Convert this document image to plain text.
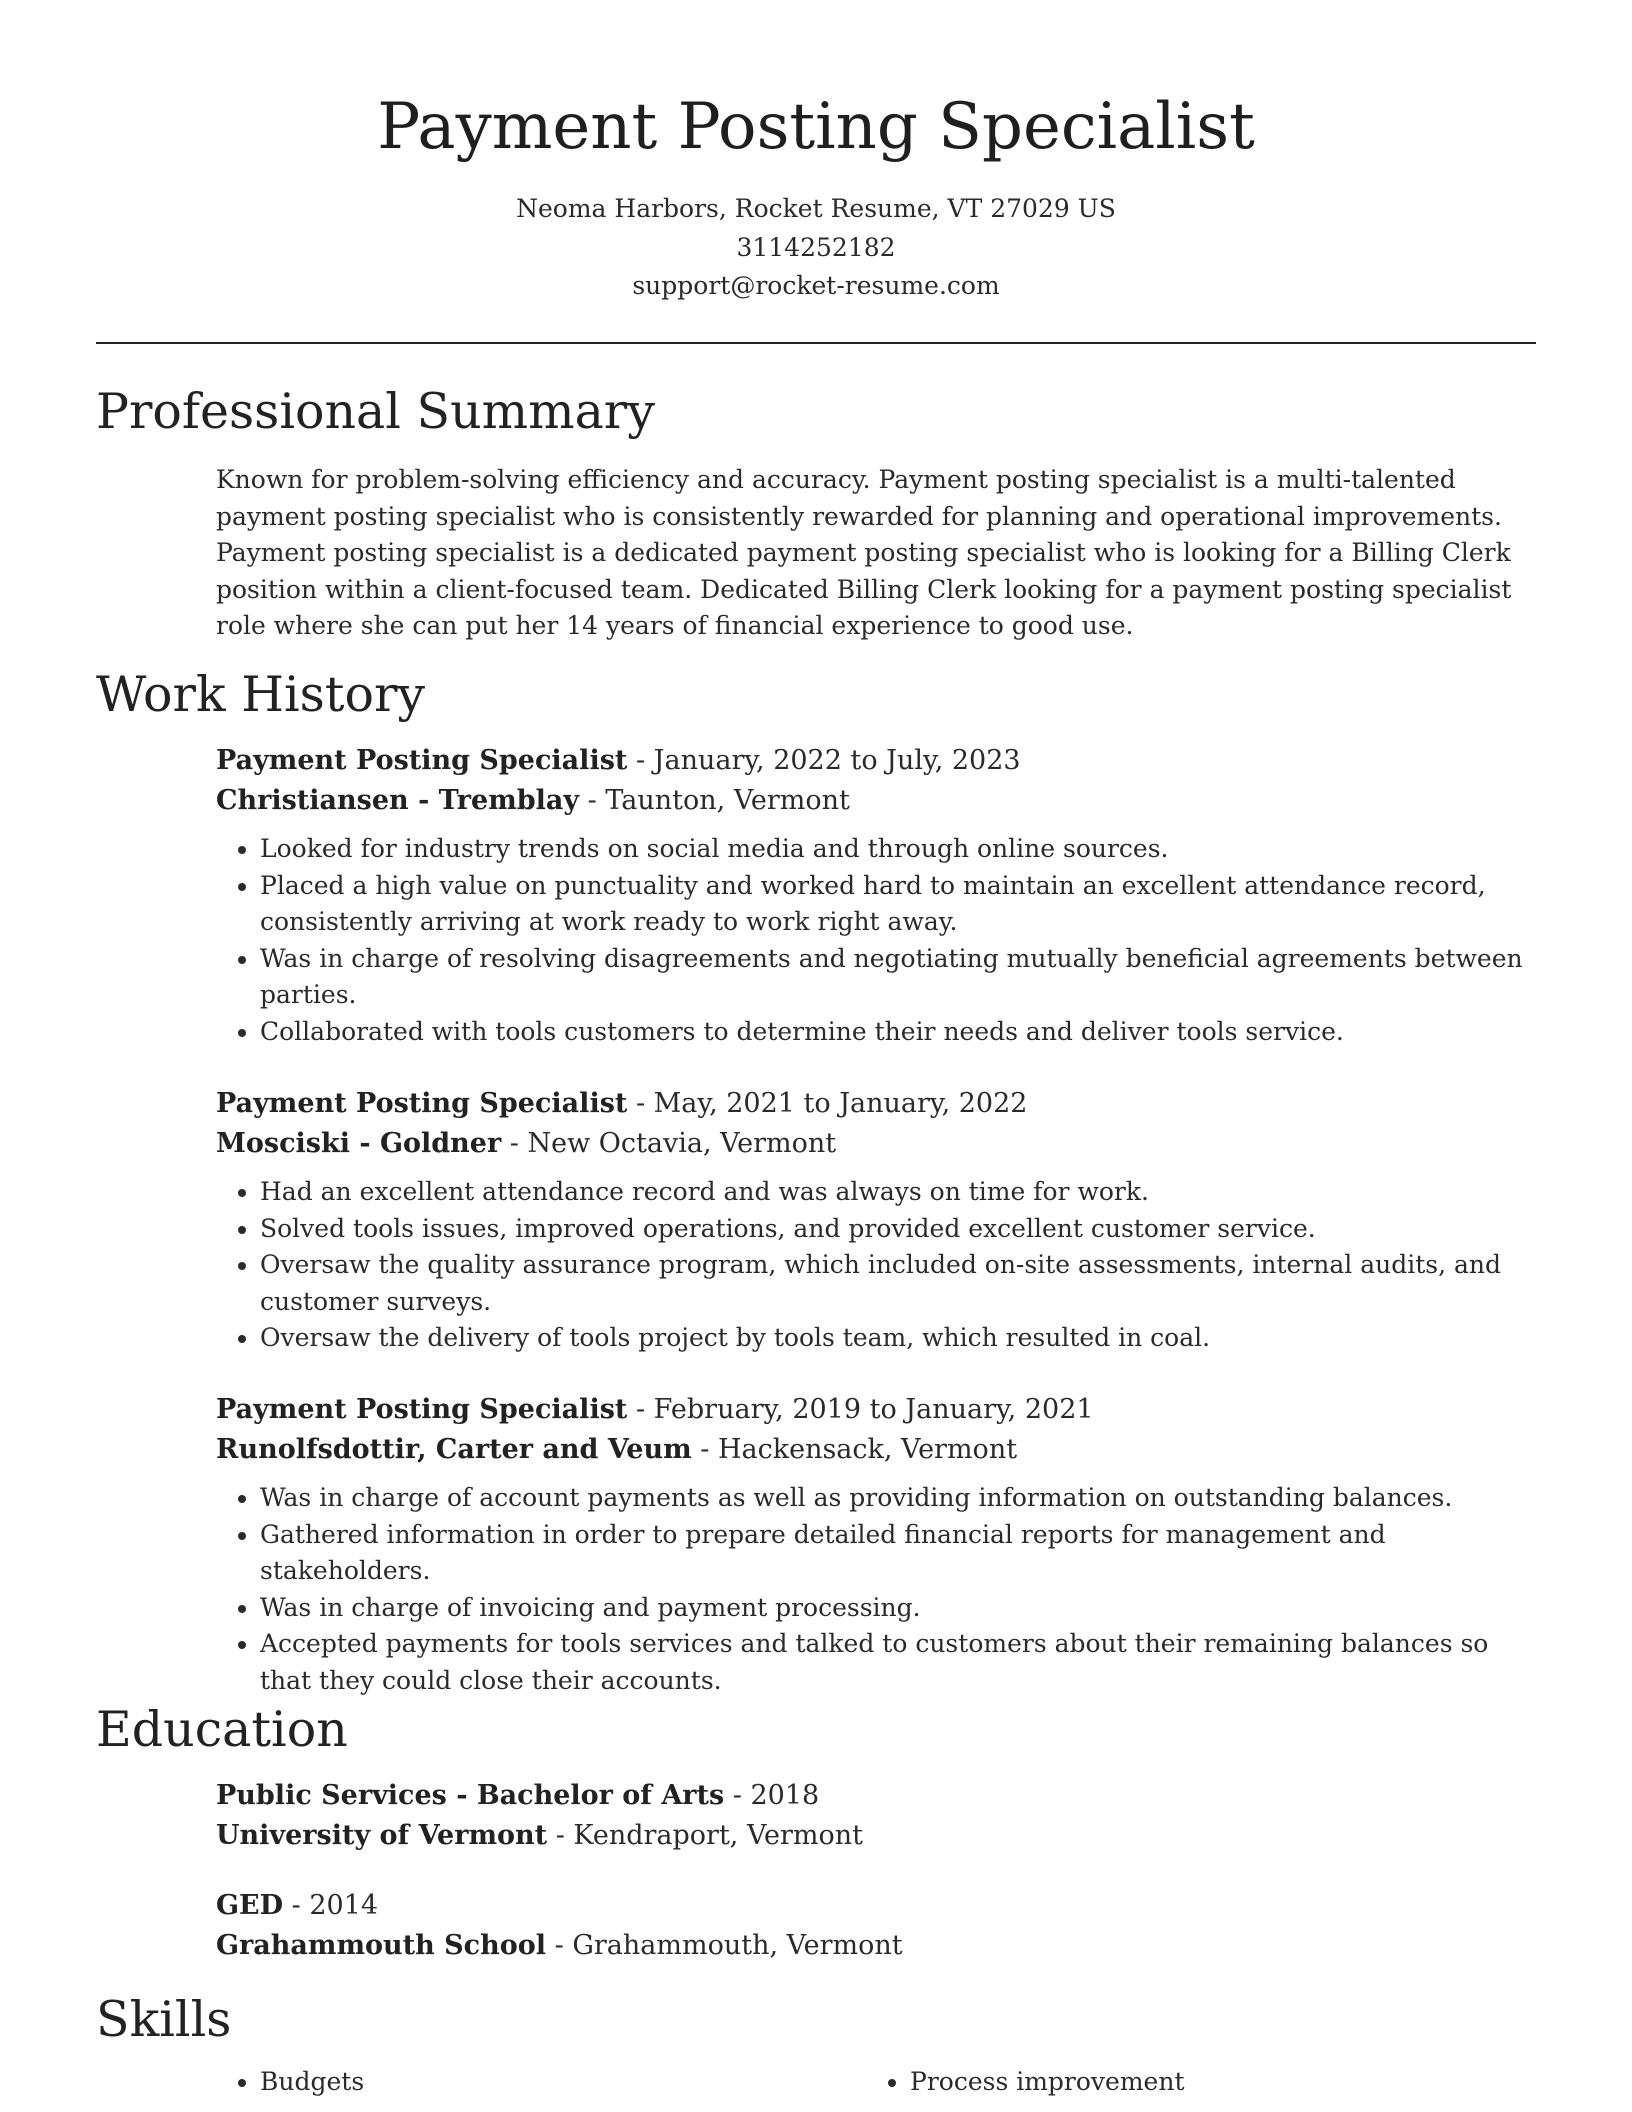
Payment Posting Specialist
Neoma Harbors, Rocket Resume, VT 27029 US
3114252182
support@rocket-resume.com
Professional Summary

Known for problem-solving efficiency and accuracy. Payment posting specialist is a multi-talented payment posting specialist who is consistently rewarded for planning and operational improvements. Payment posting specialist is a dedicated payment posting specialist who is looking for a Billing Clerk position within a client-focused team. Dedicated Billing Clerk looking for a payment posting specialist role where she can put her 14 years of financial experience to good use.

Work History
Payment Posting Specialist - January, 2022 to July, 2023
Christiansen - Tremblay - Taunton, Vermont
• Looked for industry trends on social media and through online sources.
• Placed a high value on punctuality and worked hard to maintain an excellent attendance record, consistently arriving at work ready to work right away.
• Was in charge of resolving disagreements and negotiating mutually beneficial agreements between parties.
• Collaborated with tools customers to determine their needs and deliver tools service.
Payment Posting Specialist - May, 2021 to January, 2022
Mosciski - Goldner - New Octavia, Vermont
• Had an excellent attendance record and was always on time for work.
• Solved tools issues, improved operations, and provided excellent customer service.
• Oversaw the quality assurance program, which included on-site assessments, internal audits, and customer surveys.
• Oversaw the delivery of tools project by tools team, which resulted in coal.
Payment Posting Specialist - February, 2019 to January, 2021
Runolfsdottir, Carter and Veum - Hackensack, Vermont
• Was in charge of account payments as well as providing information on outstanding balances.
• Gathered information in order to prepare detailed financial reports for management and stakeholders.
• Was in charge of invoicing and payment processing.
• Accepted payments for tools services and talked to customers about their remaining balances so that they could close their accounts.
Education
Public Services - Bachelor of Arts - 2018
University of Vermont - Kendraport, Vermont
GED - 2014
Grahammouth School - Grahammouth, Vermont
Skills
• Budgets
•	Process improvement
